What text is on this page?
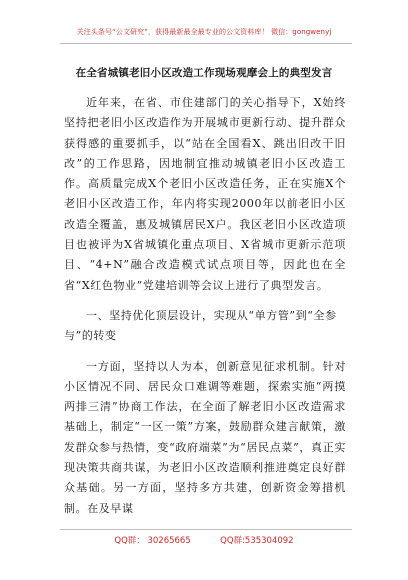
关注头条号“公文研究”，获得最新最全最专业的公文资料库！ 微信：gongwenyj
在全省城镇老旧小区改造工作现场观摩会上的典型发言

近年来，在省、市住建部门的关心指导下，X始终坚持把老旧小区改造作为开展城市更新行动、提升群众获得感的重要抓手，以“站在全国看X、跳出旧改干旧改”的工作思路，因地制宜推动城镇老旧小区改造工作。高质量完成X个老旧小区改造任务，正在实施X个老旧小区改造工作，年内将实现2000年以前老旧小区改造全覆盖，惠及城镇居民X户。我区老旧小区改造项目也被评为X省城镇化重点项目、X省城市更新示范项目、“4+N”融合改造模式试点项目等，因此也在全省“X红色物业”党建培训等会议上进行了典型发言。

一、坚持优化顶层设计，实现从“单方管”到“全参与”的转变

一方面，坚持以人为本，创新意见征求机制。针对小区情况不同、居民众口难调等难题，探索实施“两摸两排三清”协商工作法，在全面了解老旧小区改造需求基础上，制定“一区一策”方案，鼓励群众建言献策，激发群众参与热情，变“政府端菜”为“居民点菜”，真正实现决策共商共谋，为老旧小区改造顺利推进奠定良好群众基础。另一方面，坚持多方共建，创新资金筹措机制。在及早谋

QQ群： 30265665	QQ群:535304092
